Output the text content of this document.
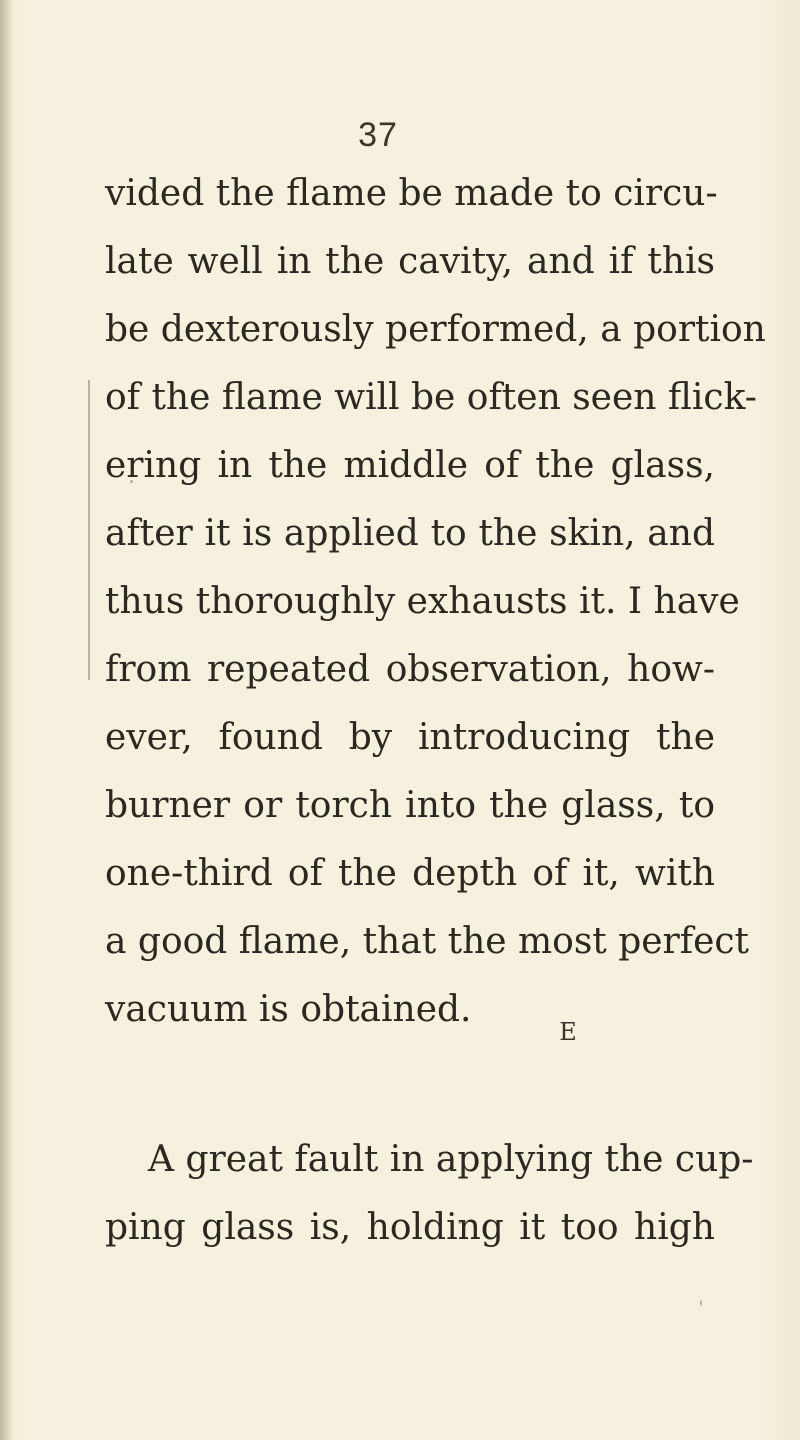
37
vided the flame be made to circu-
late well in the cavity, and if this
be dexterously performed, a portion
of the flame will be often seen flick-
ering in the middle of the glass,
after it is applied to the skin, and
thus thoroughly exhausts it. I have
from repeated observation, how-
ever, found by introducing the
burner or torch into the glass, to
one-third of the depth of it, with
a good flame, that the most perfect
vacuum is obtained.
A great fault in applying the cup-
ping glass is, holding it too high
E
